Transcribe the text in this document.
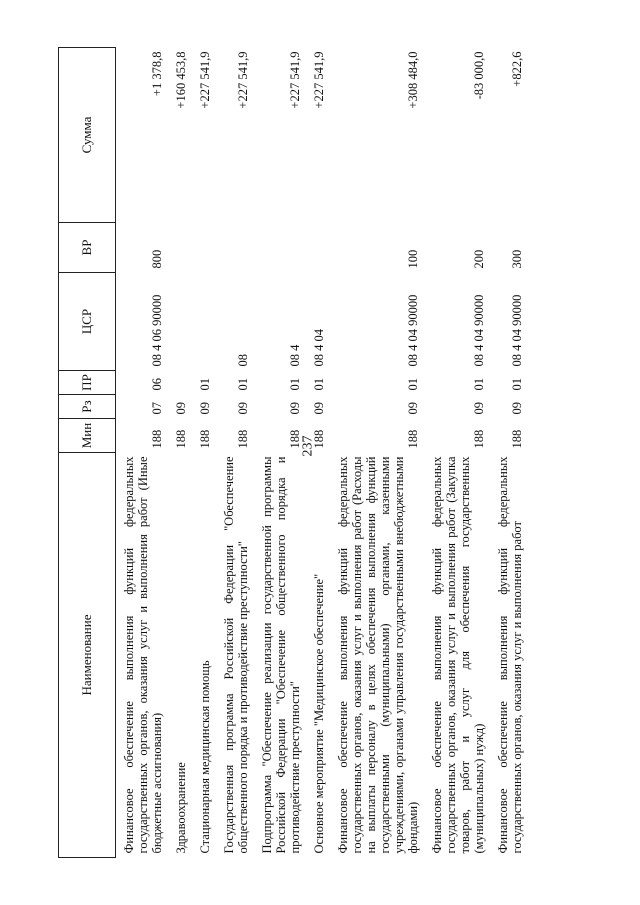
237
Наименование	Мин	Рз	ПР	ЦСР	ВР	Сумма
Финансовое обеспечение выполнения функций федеральных государственных органов, оказания услуг и выполнения работ (Иные бюджетные ассигнования)	188	07	06	08 4 06 90000	800	+1 378,8
Здравоохранение	188	09				+160 453,8
Стационарная медицинская помощь	188	09	01			+227 541,9
Государственная программа Российской Федерации "Обеспечение общественного порядка и противодействие преступности"	188	09	01	08		+227 541,9
Подпрограмма "Обеспечение реализации государственной программы Российской Федерации "Обеспечение общественного порядка и противодействие преступности"	188	09	01	08 4		+227 541,9
Основное мероприятие "Медицинское обеспечение"	188	09	01	08 4 04		+227 541,9
Финансовое обеспечение выполнения функций федеральных государственных органов, оказания услуг и выполнения работ (Расходы на выплаты персоналу в целях обеспечения выполнения функций государственными (муниципальными) органами, казенными учреждениями, органами управления государственными внебюджетными фондами)	188	09	01	08 4 04 90000	100	+308 484,0
Финансовое обеспечение выполнения функций федеральных государственных органов, оказания услуг и выполнения работ (Закупка товаров, работ и услуг для обеспечения государственных (муниципальных) нужд)	188	09	01	08 4 04 90000	200	-83 000,0
Финансовое обеспечение выполнения функций федеральных государственных органов, оказания услуг и выполнения работ	188	09	01	08 4 04 90000	300	+822,6
